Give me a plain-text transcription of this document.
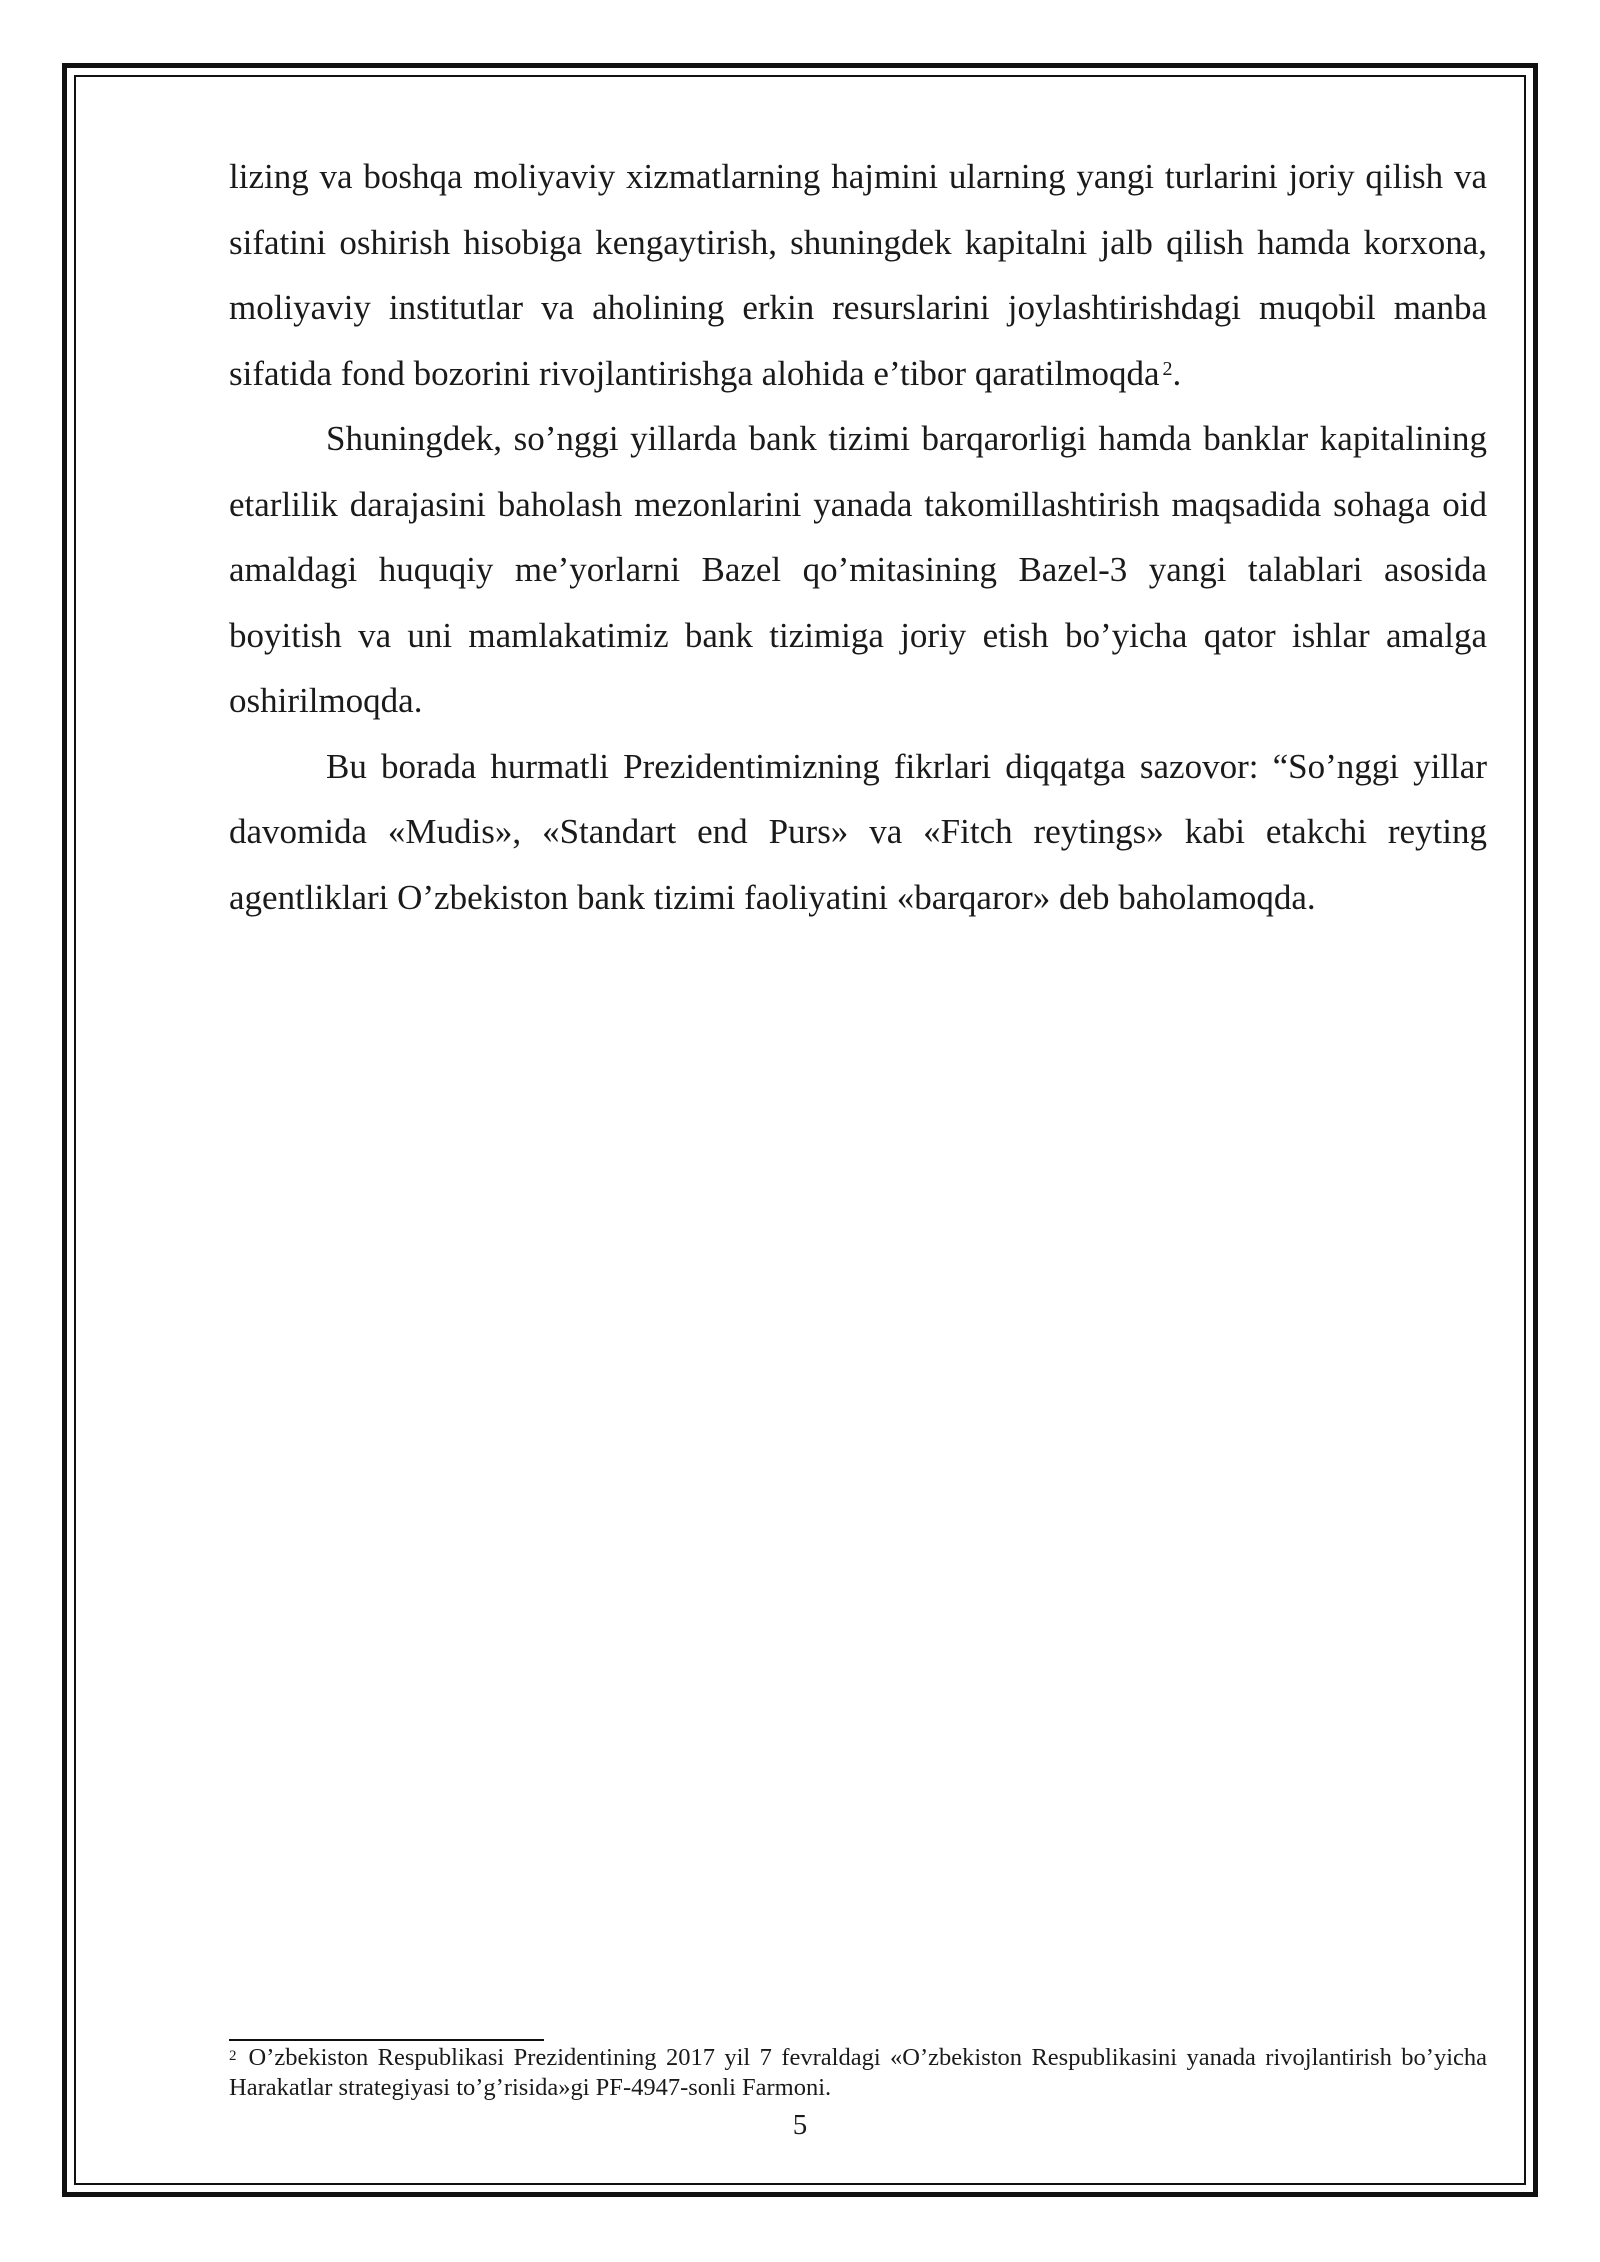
lizing va boshqa moliyaviy xizmatlarning hajmini ularning yangi turlarini joriy qilish va sifatini oshirish hisobiga kengaytirish, shuningdek kapitalni jalb qilish hamda korxona, moliyaviy institutlar va aholining erkin resurslarini joylashtirishdagi muqobil manba sifatida fond bozorini rivojlantirishga alohida e’tibor qaratilmoqda  $^2$.

Shuningdek, so’nggi yillarda bank tizimi barqarorligi hamda banklar kapitalining etarlilik darajasini baholash mezonlarini yanada takomillashtirish maqsadida sohaga oid amaldagi huquqiy me’yorlarni Bazel qo’mitasining Bazel-3 yangi talablari asosida boyitish va uni mamlakatimiz bank tizimiga joriy etish bo’yicha qator ishlar amalga oshirilmoqda.

Bu borada hurmatli Prezidentimizning fikrlari diqqatga sazovor: “So’nggi yillar davomida «Mudis», «Standart end Purs» va «Fitch reytings» kabi etakchi reyting agentliklari O’zbekiston bank tizimi faoliyatini «barqaror» deb baholamoqda.

$^2$ O’zbekiston Respublikasi Prezidentining 2017 yil 7 fevraldagi «O’zbekiston Respublikasini yanada rivojlantirish bo’yicha Harakatlar strategiyasi to’g’risida»gi PF-4947-sonli Farmoni.

5
